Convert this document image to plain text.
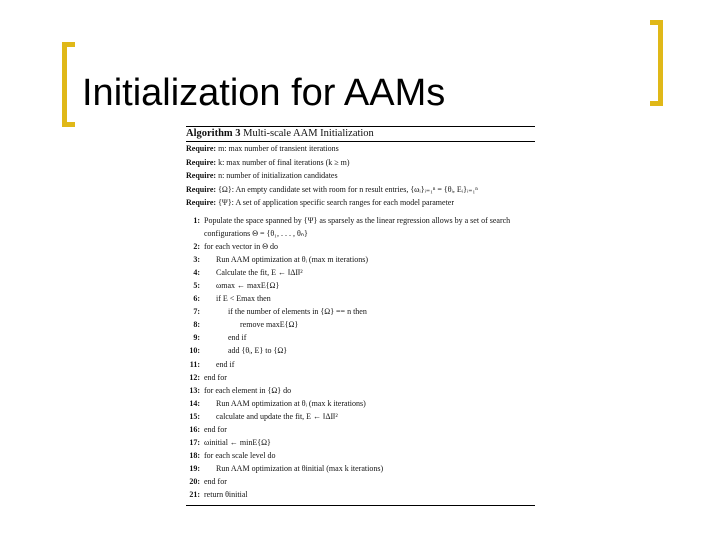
Initialization for AAMs
Algorithm 3 Multi-scale AAM Initialization
Require: m: max number of transient iterations
Require: k: max number of final iterations (k ≥ m)
Require: n: number of initialization candidates
Require: {Ω}: An empty candidate set with room for n result entries, {ωᵢ}ᵢ₌₁ⁿ = {θᵢ, Eᵢ}ᵢ₌₁ⁿ
Require: {Ψ}: A set of application specific search ranges for each model parameter
1: Populate the space spanned by {Ψ} as sparsely as the linear regression allows by a set of search
configurations Θ = {θ₁, . . . , θₙ}
2: for each vector in Θ do
3: Run AAM optimization at θᵢ (max m iterations)
4: Calculate the fit, E ← ‖ΔI‖²
5: ωmax ← maxE{Ω}
6: if E < Emax then
7:	if the number of elements in {Ω} == n then
8:	remove maxE{Ω}
9:	end if
10:	add {θᵢ, E} to {Ω}
11: end if
12: end for
13: for each element in {Ω} do
14: Run AAM optimization at θᵢ (max k iterations)
15: calculate and update the fit, E ← ‖ΔI‖²
16: end for
17: ωinitial ← minE{Ω}
18: for each scale level do
19: Run AAM optimization at θinitial (max k iterations)
20: end for
21: return θinitial
